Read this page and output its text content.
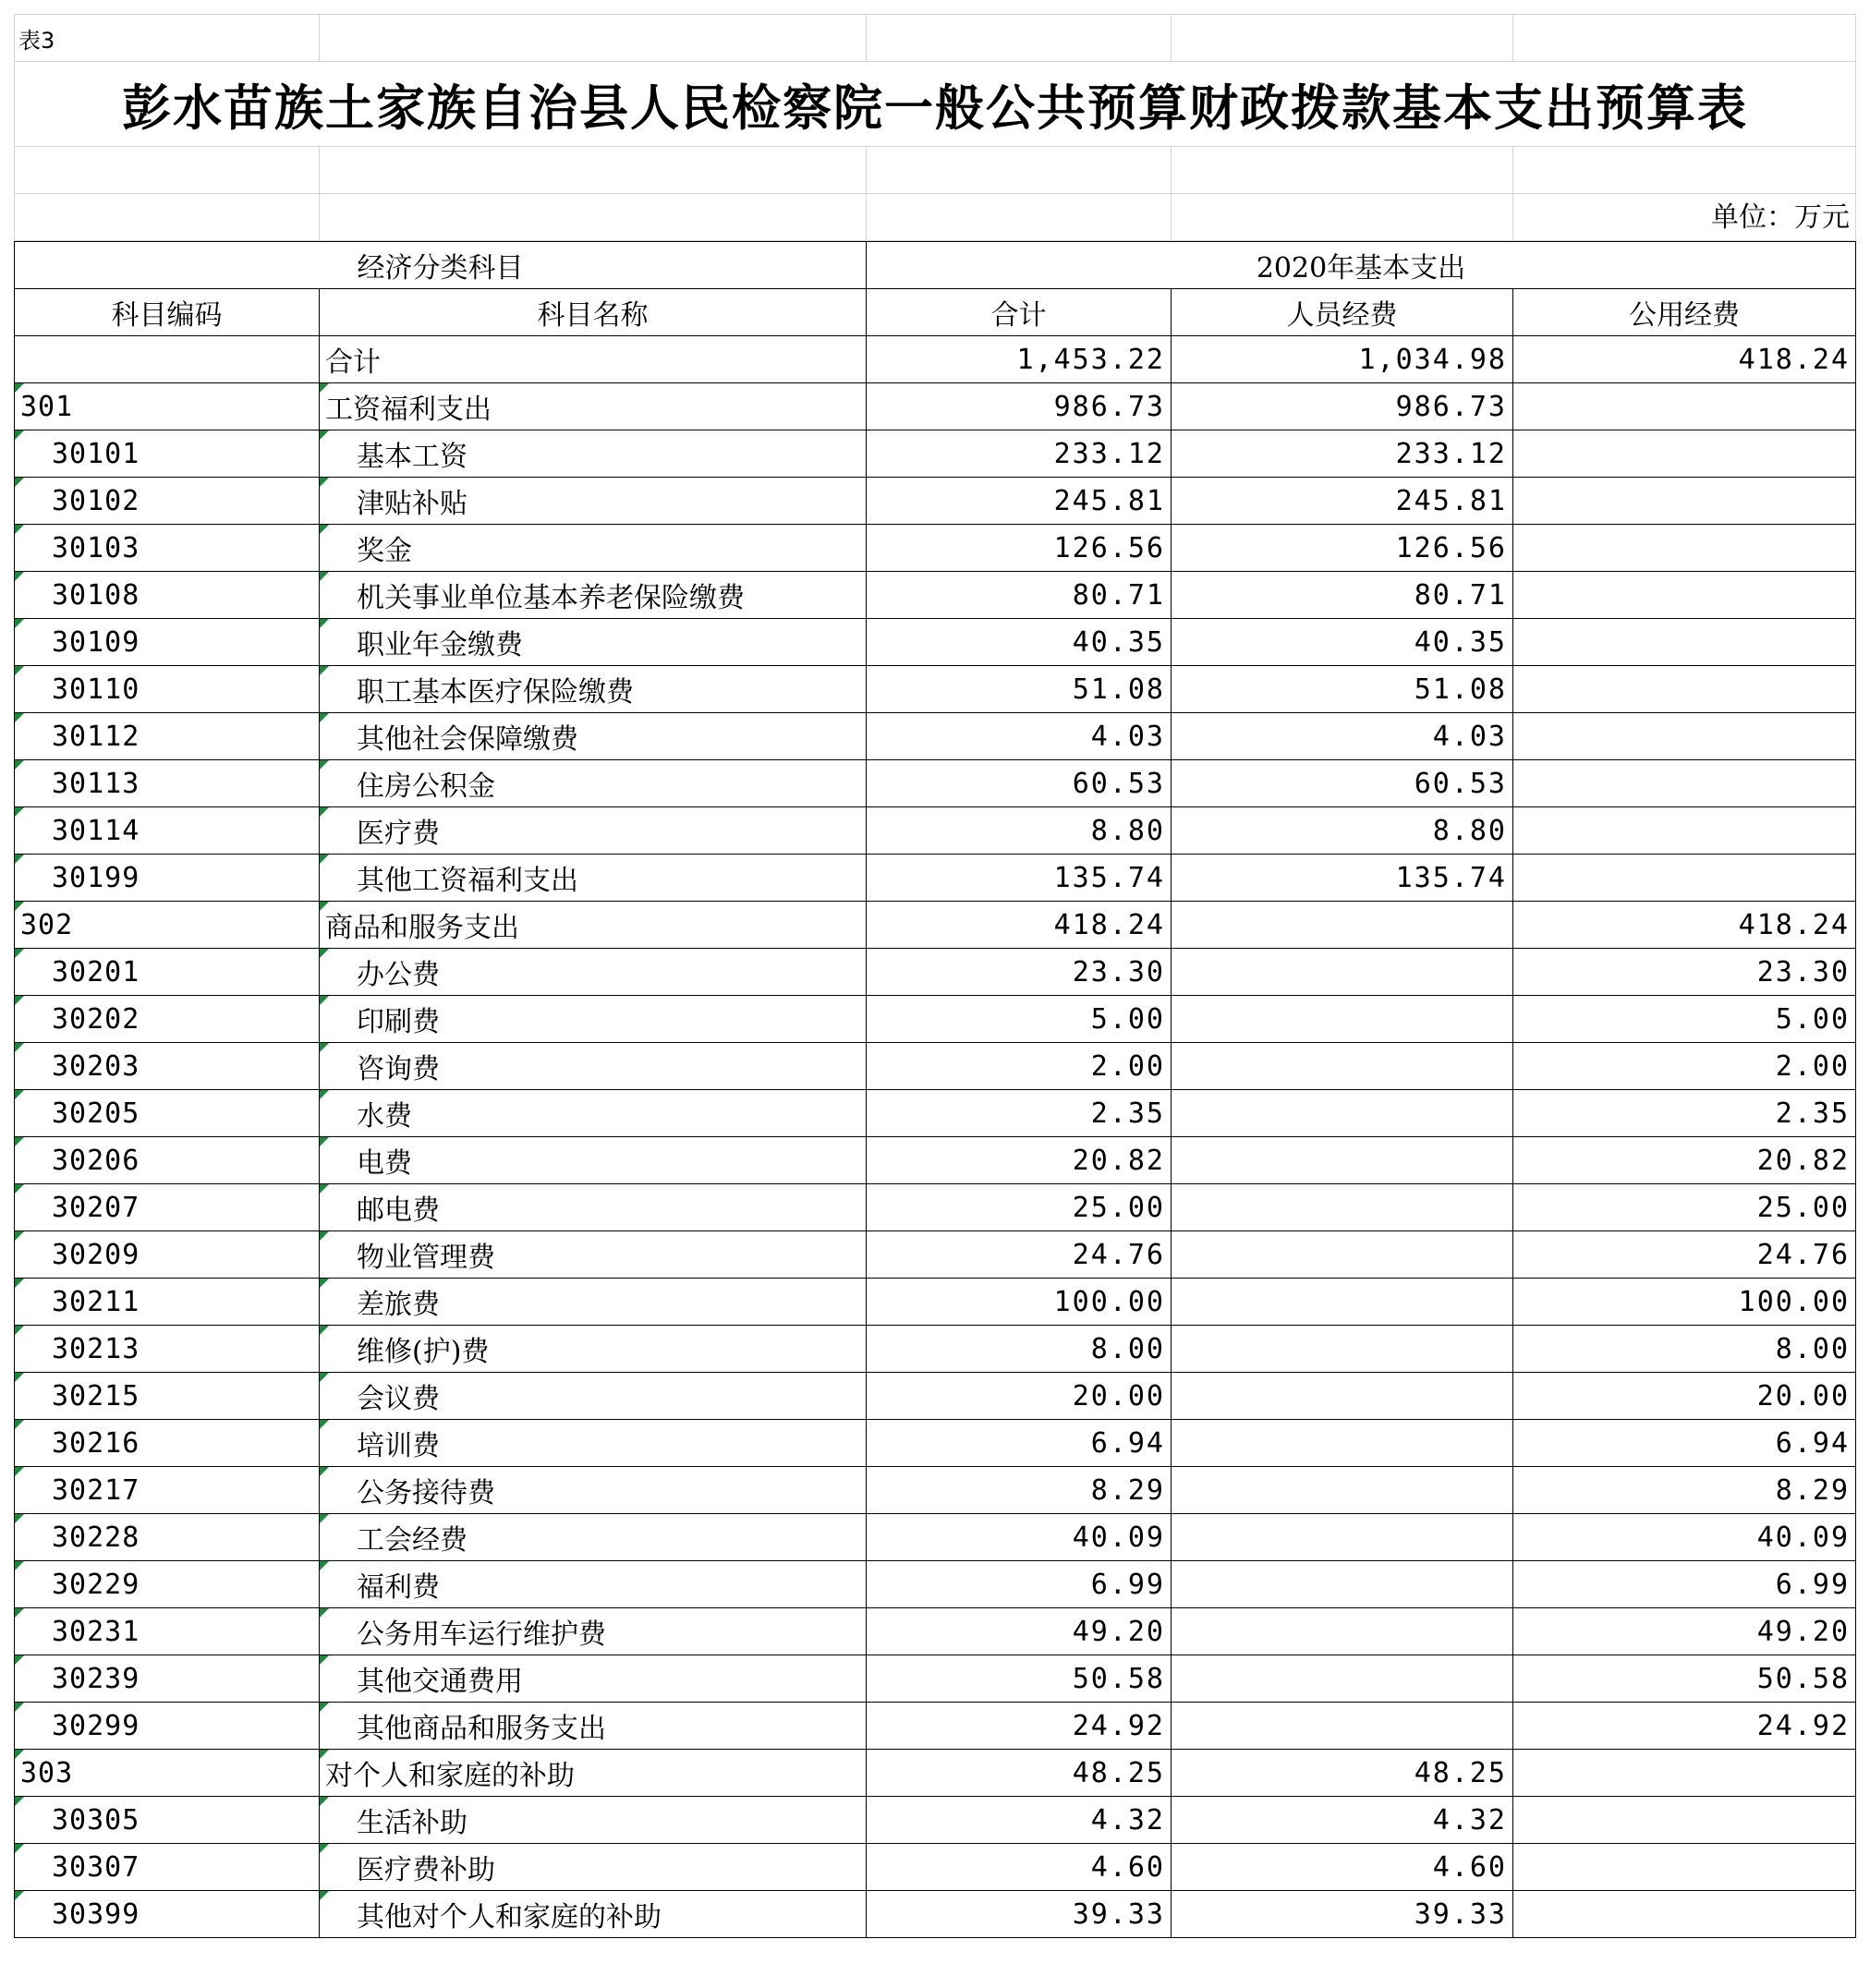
表3				
彭水苗族土家族自治县人民检察院一般公共预算财政拨款基本支出预算表				

				单位：万元
经济分类科目		2020年基本支出		
科目编码	科目名称	合计	人员经费	公用经费
	合计	1,453.22	1,034.98	418.24
301	工资福利支出	986.73	986.73	
30101	基本工资	233.12	233.12	
30102	津贴补贴	245.81	245.81	
30103	奖金	126.56	126.56	
30108	机关事业单位基本养老保险缴费	80.71	80.71	
30109	职业年金缴费	40.35	40.35	
30110	职工基本医疗保险缴费	51.08	51.08	
30112	其他社会保障缴费	4.03	4.03	
30113	住房公积金	60.53	60.53	
30114	医疗费	8.80	8.80	
30199	其他工资福利支出	135.74	135.74	
302	商品和服务支出	418.24		418.24
30201	办公费	23.30		23.30
30202	印刷费	5.00		5.00
30203	咨询费	2.00		2.00
30205	水费	2.35		2.35
30206	电费	20.82		20.82
30207	邮电费	25.00		25.00
30209	物业管理费	24.76		24.76
30211	差旅费	100.00		100.00
30213	维修(护)费	8.00		8.00
30215	会议费	20.00		20.00
30216	培训费	6.94		6.94
30217	公务接待费	8.29		8.29
30228	工会经费	40.09		40.09
30229	福利费	6.99		6.99
30231	公务用车运行维护费	49.20		49.20
30239	其他交通费用	50.58		50.58
30299	其他商品和服务支出	24.92		24.92
303	对个人和家庭的补助	48.25	48.25	
30305	生活补助	4.32	4.32	
30307	医疗费补助	4.60	4.60	
30399	其他对个人和家庭的补助	39.33	39.33	
